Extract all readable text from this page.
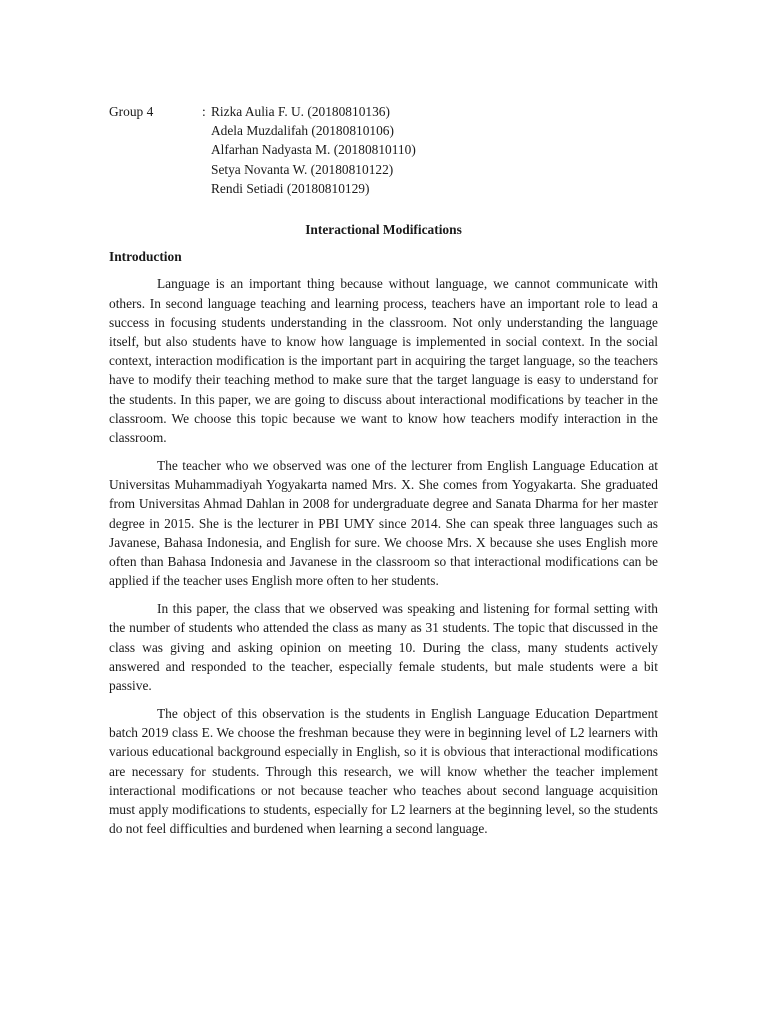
Group 4	: Rizka Aulia F. U. (20180810136)
Adela Muzdalifah (20180810106)
Alfarhan Nadyasta M. (20180810110)
Setya Novanta W. (20180810122)
Rendi Setiadi (20180810129)
Interactional Modifications
Introduction

Language is an important thing because without language, we cannot communicate with others. In second language teaching and learning process, teachers have an important role to lead a success in focusing students understanding in the classroom. Not only understanding the language itself, but also students have to know how language is implemented in social context. In the social context, interaction modification is the important part in acquiring the target language, so the teachers have to modify their teaching method to make sure that the target language is easy to understand for the students. In this paper, we are going to discuss about interactional modifications by teacher in the classroom. We choose this topic because we want to know how teachers modify interaction in the classroom.

The teacher who we observed was one of the lecturer from English Language Education at Universitas Muhammadiyah Yogyakarta named Mrs. X. She comes from Yogyakarta. She graduated from Universitas Ahmad Dahlan in 2008 for undergraduate degree and Sanata Dharma for her master degree in 2015. She is the lecturer in PBI UMY since 2014. She can speak three languages such as Javanese, Bahasa Indonesia, and English for sure. We choose Mrs. X because she uses English more often than Bahasa Indonesia and Javanese in the classroom so that interactional modifications can be applied if the teacher uses English more often to her students.

In this paper, the class that we observed was speaking and listening for formal setting with the number of students who attended the class as many as 31 students. The topic that discussed in the class was giving and asking opinion on meeting 10. During the class, many students actively answered and responded to the teacher, especially female students, but male students were a bit passive.

The object of this observation is the students in English Language Education Department batch 2019 class E. We choose the freshman because they were in beginning level of L2 learners with various educational background especially in English, so it is obvious that interactional modifications are necessary for students. Through this research, we will know whether the teacher implement interactional modifications or not because teacher who teaches about second language acquisition must apply modifications to students, especially for L2 learners at the beginning level, so the students do not feel difficulties and burdened when learning a second language.
